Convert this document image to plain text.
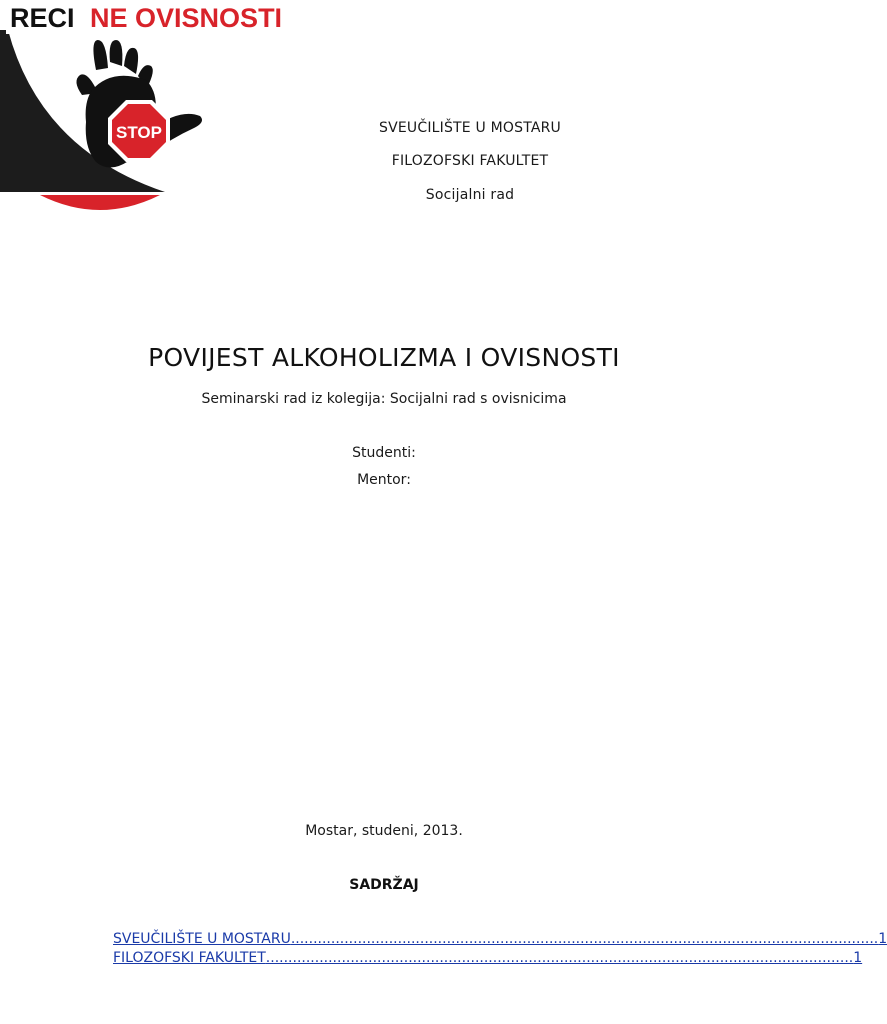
STOP
RECI NE OVISNOSTI
SVEUČILIŠTE U MOSTARU
FILOZOFSKI FAKULTET
Socijalni rad
POVIJEST ALKOHOLIZMA I OVISNOSTI
Seminarski rad iz kolegija: Socijalni rad s ovisnicima
Studenti:
Mentor:
Mostar, studeni, 2013.
SADRŽAJ
SVEUČILIŠTE U MOSTARU .................................................................................................................................... 1
FILOZOFSKI FAKULTET .................................................................................................................................... 1
